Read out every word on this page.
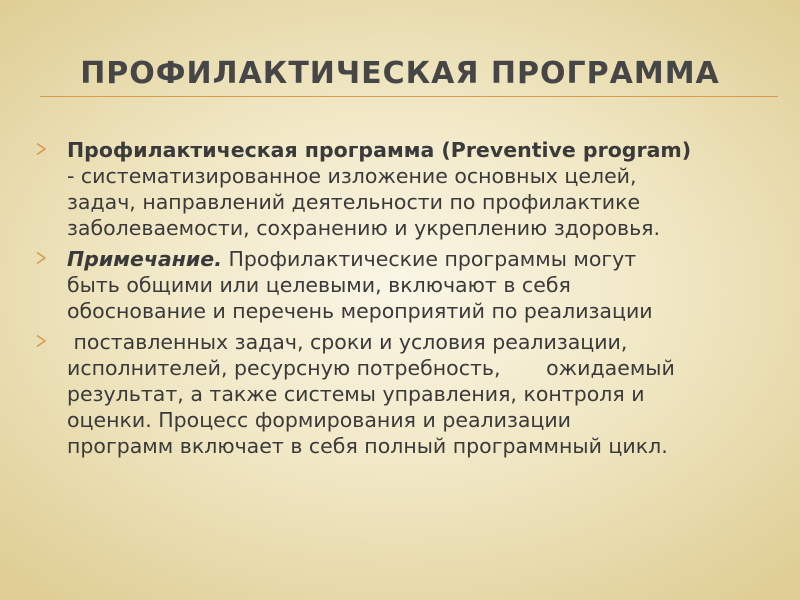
ПРОФИЛАКТИЧЕСКАЯ ПРОГРАММА
Профилактическая программа (Preventive program)
- систематизированное изложение основных целей,
задач, направлений деятельности по профилактике
заболеваемости, сохранению и укреплению здоровья.
Примечание. Профилактические программы могут
быть общими или целевыми, включают в себя
обоснование и перечень мероприятий по реализации
поставленных задач, сроки и условия реализации,
исполнителей, ресурсную потребность,       ожидаемый
результат, а также системы управления, контроля и
оценки. Процесс формирования и реализации
программ включает в себя полный программный цикл.
